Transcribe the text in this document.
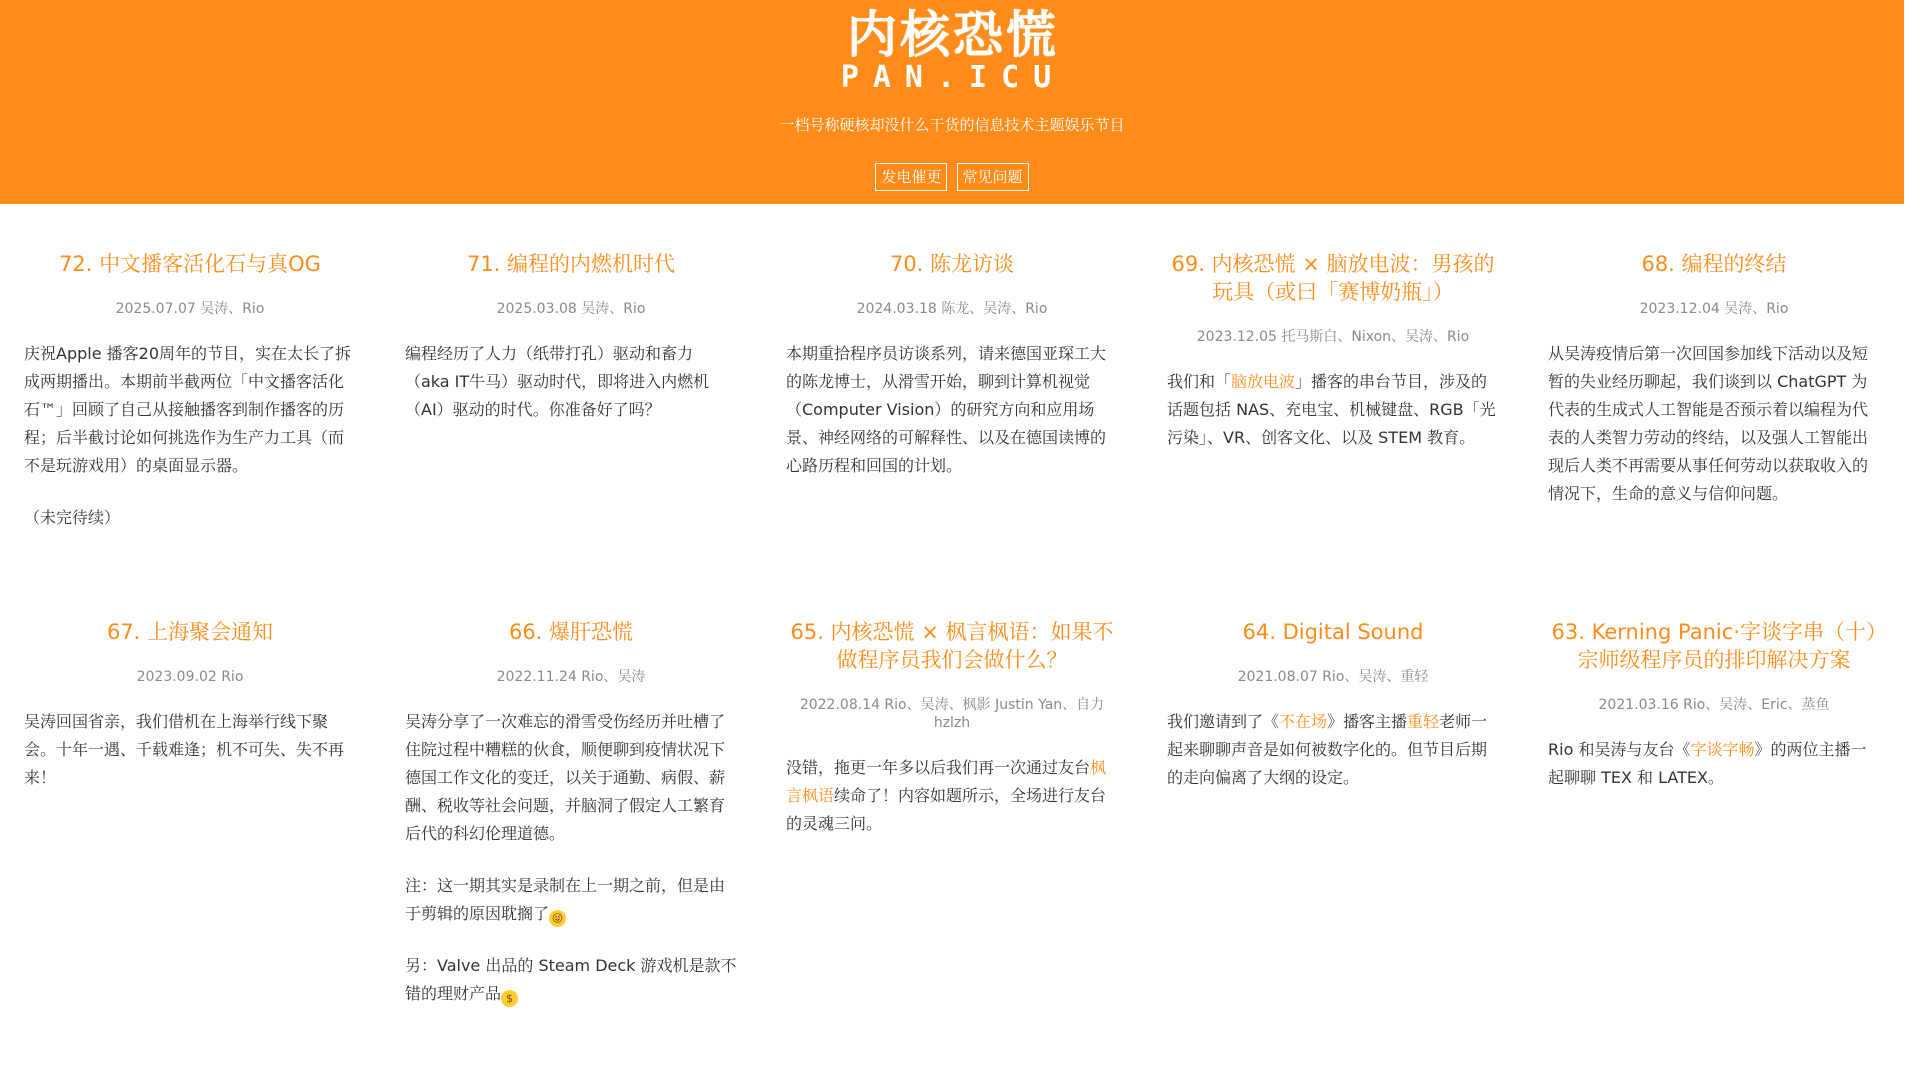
内核恐慌
PAN.ICU
一档号称硬核却没什么干货的信息技术主题娱乐节目
发电催更 常见问题
72. 中文播客活化石与真OG
2025.07.07 吴涛、Rio

庆祝Apple 播客20周年的节目，实在太长了拆成两期播出。本期前半截两位「中文播客活化石™」回顾了自己从接触播客到制作播客的历程；后半截讨论如何挑选作为生产力工具（而不是玩游戏用）的桌面显示器。

（未完待续）

71. 编程的内燃机时代
2025.03.08 吴涛、Rio

编程经历了人力（纸带打孔）驱动和畜力（aka IT牛马）驱动时代，即将进入内燃机（AI）驱动的时代。你准备好了吗？

70. 陈龙访谈
2024.03.18 陈龙、吴涛、Rio

本期重拾程序员访谈系列，请来德国亚琛工大的陈龙博士，从滑雪开始，聊到计算机视觉（Computer Vision）的研究方向和应用场景、神经网络的可解释性、以及在德国读博的心路历程和回国的计划。

69. 内核恐慌 × 脑放电波：男孩的玩具（或曰「赛博奶瓶」）
2023.12.05 托马斯白、Nixon、吴涛、Rio

我们和「脑放电波」播客的串台节目，涉及的话题包括 NAS、充电宝、机械键盘、RGB「光污染」、VR、创客文化、以及 STEM 教育。

68. 编程的终结
2023.12.04 吴涛、Rio

从吴涛疫情后第一次回国参加线下活动以及短暂的失业经历聊起，我们谈到以 ChatGPT 为代表的生成式人工智能是否预示着以编程为代表的人类智力劳动的终结，以及强人工智能出现后人类不再需要从事任何劳动以获取收入的情况下，生命的意义与信仰问题。

67. 上海聚会通知
2023.09.02 Rio

吴涛回国省亲，我们借机在上海举行线下聚会。十年一遇、千载难逢；机不可失、失不再来！

66. 爆肝恐慌
2022.11.24 Rio、吴涛

吴涛分享了一次难忘的滑雪受伤经历并吐槽了住院过程中糟糕的伙食，顺便聊到疫情状况下德国工作文化的变迁，以关于通勤、病假、薪酬、税收等社会问题，并脑洞了假定人工繁育后代的科幻伦理道德。

注：这一期其实是录制在上一期之前，但是由于剪辑的原因耽搁了 😜

另：Valve 出品的 Steam Deck 游戏机是款不错的理财产品 $

65. 内核恐慌 × 枫言枫语：如果不做程序员我们会做什么？
2022.08.14 Rio、吴涛、枫影 Justin Yan、自力 hzlzh

没错，拖更一年多以后我们再一次通过友台枫言枫语续命了！内容如题所示，全场进行友台的灵魂三问。

64. Digital Sound
2021.08.07 Rio、吴涛、重轻

我们邀请到了《不在场》播客主播重轻老师一起来聊聊声音是如何被数字化的。但节目后期的走向偏离了大纲的设定。

63. Kerning Panic·字谈字串（十）宗师级程序员的排印解决方案
2021.03.16 Rio、吴涛、Eric、蒸鱼

Rio 和吴涛与友台《字谈字畅》的两位主播一起聊聊 TEX 和 LATEX。
